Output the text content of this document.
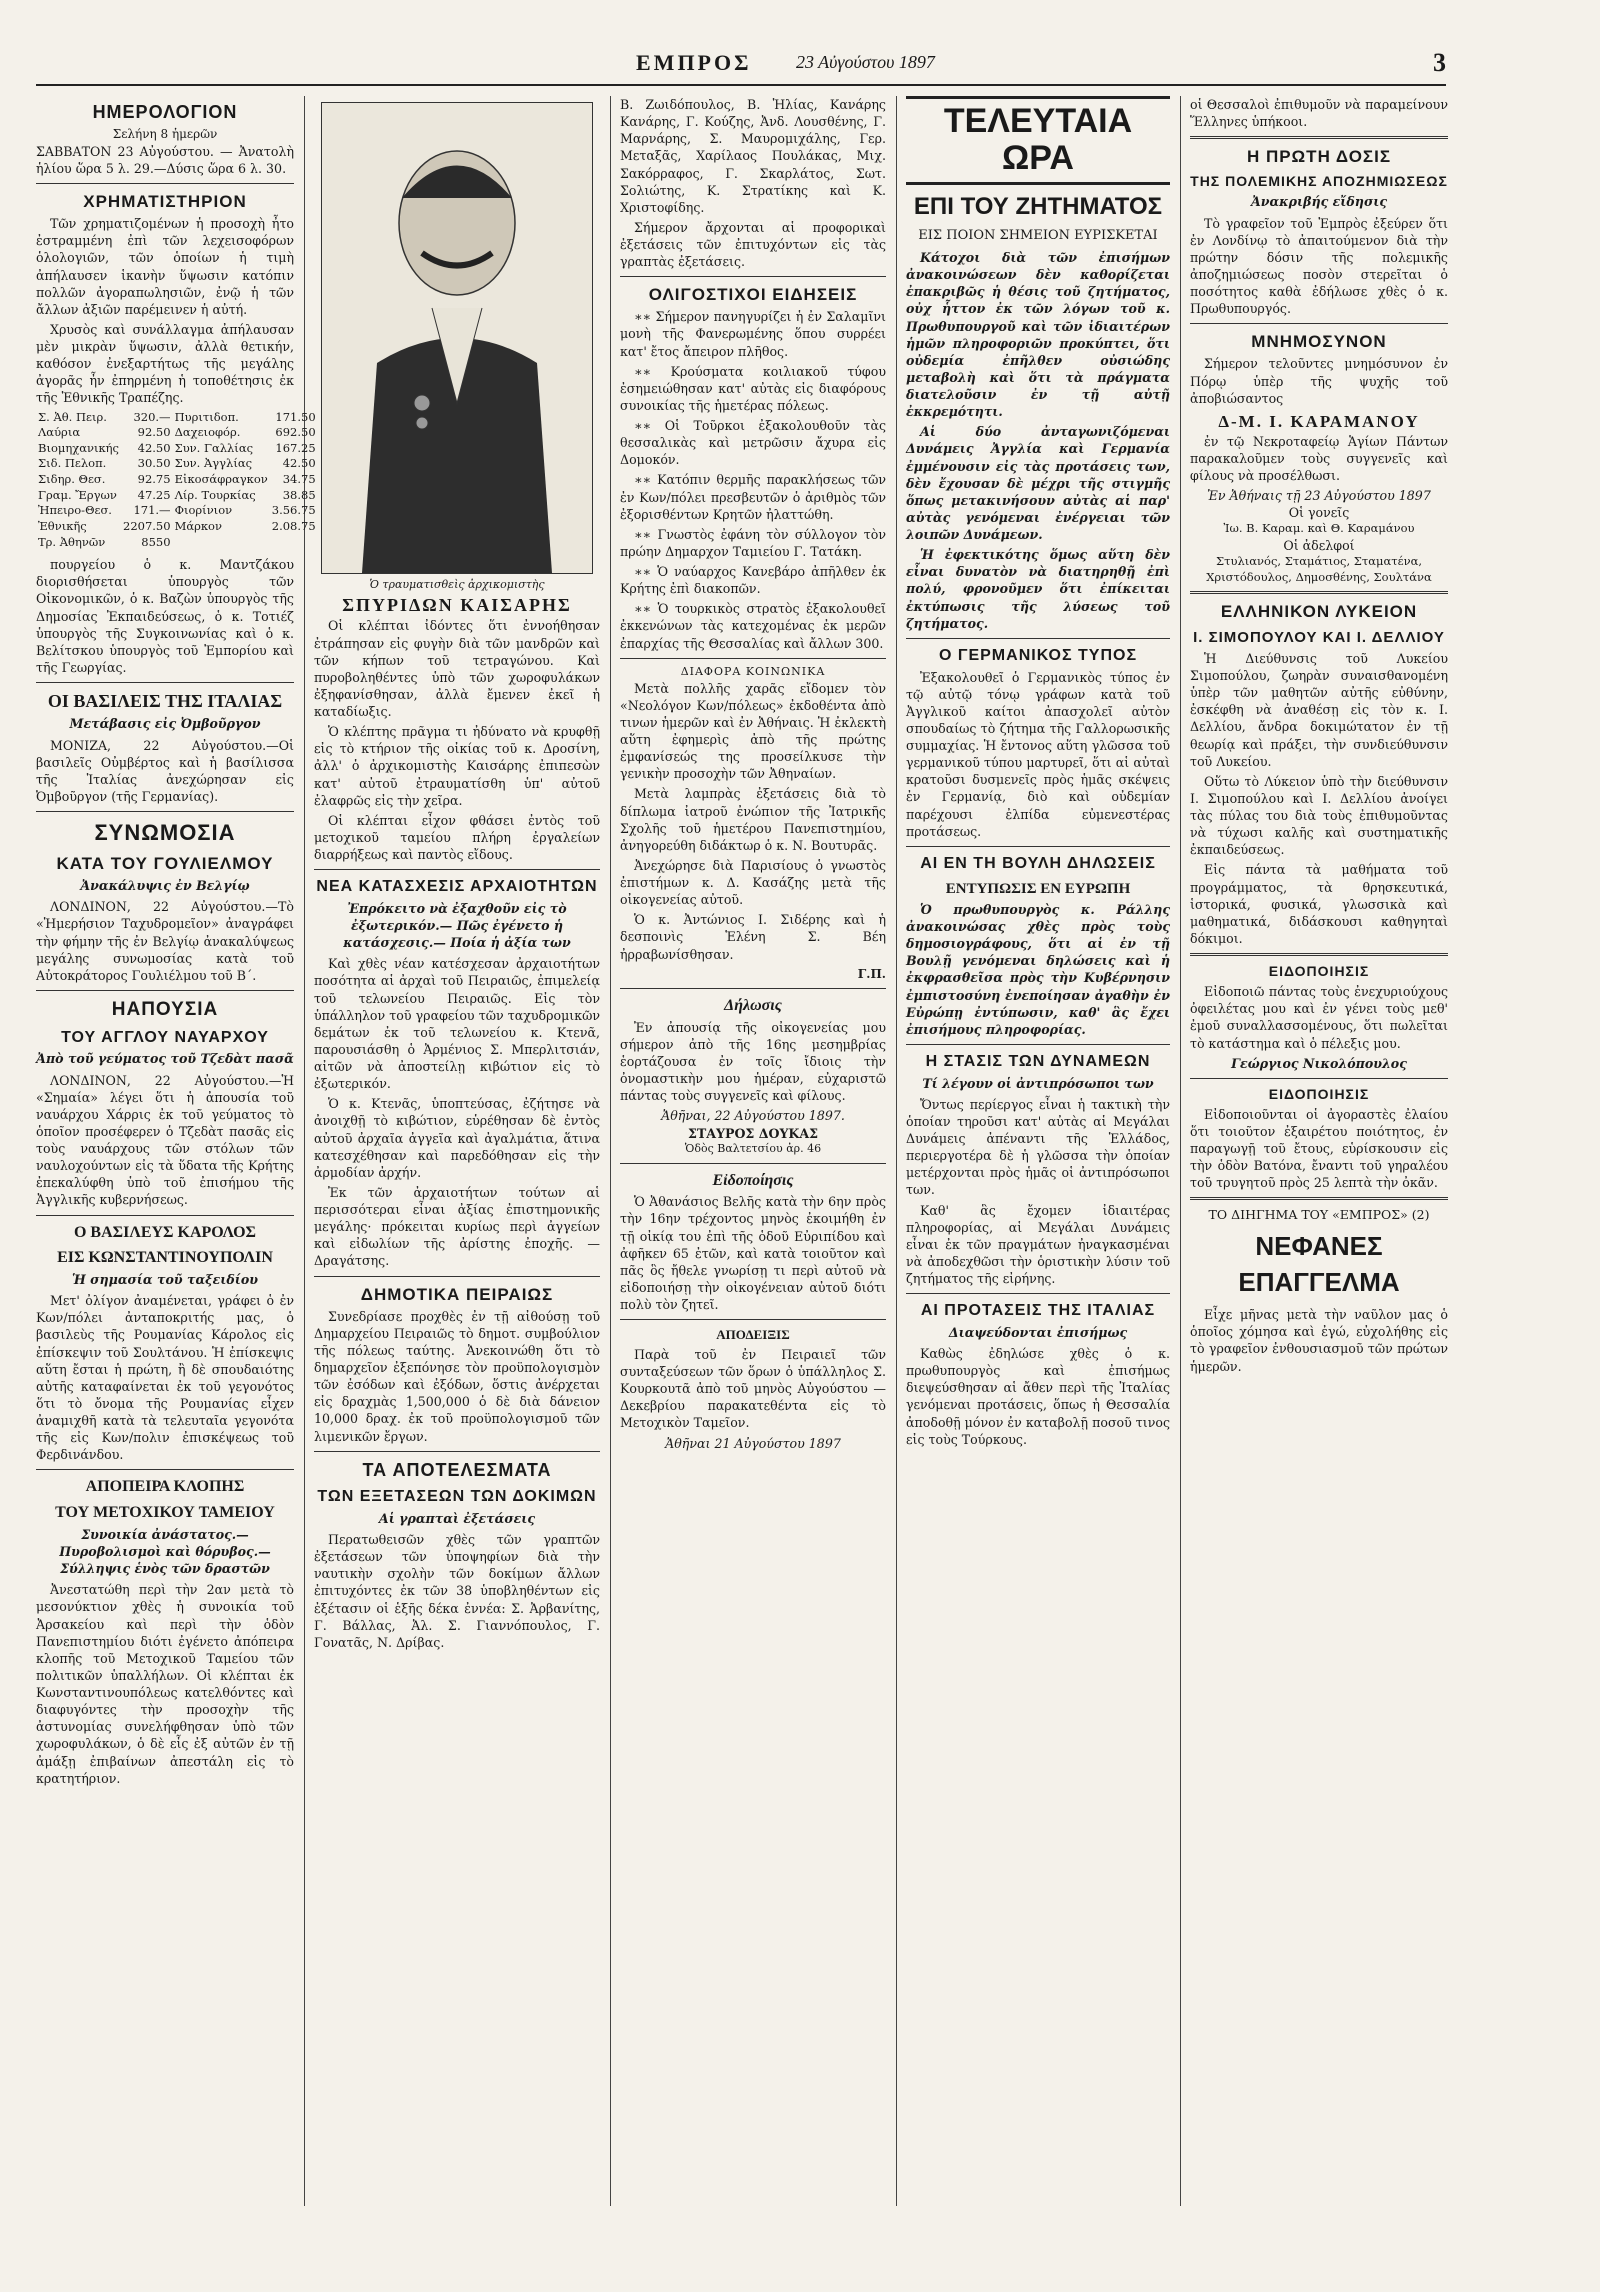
ΕΜΠΡΟΣ 23 Αὐγούστου 1897	3
ΗΜΕΡΟΛΟΓΙΟΝ
Σελήνη 8 ἡμερῶν

ΣΑΒΒΑΤΟΝ 23 Αὐγούστου. — Ἀνατολὴ ἡλίου ὥρα 5 λ. 29.—Δύσις ὥρα 6 λ. 30.

ΧΡΗΜΑΤΙΣΤΗΡΙΟΝ

Τῶν χρηματιζομένων ἡ προσοχὴ ἦτο ἐστραμμένη ἐπὶ τῶν λεχεισοφόρων ὁλολογιῶν, τῶν ὁποίων ἡ τιμὴ ἀπήλαυσεν ἱκανὴν ὕψωσιν κατόπιν πολλῶν ἀγοραπωλησιῶν, ἐνῷ ἡ τῶν ἄλλων ἀξιῶν παρέμεινεν ἡ αὐτή.

Χρυσὸς καὶ συνάλλαγμα ἀπήλαυσαν μὲν μικρὰν ὕψωσιν, ἀλλὰ θετικήν, καθόσον ἐνεξαρτήτως τῆς μεγάλης ἀγορᾶς ἦν ἐπηρμένη ἡ τοποθέτησις ἐκ τῆς Ἐθνικῆς Τραπέζης.

Σ. Ἀθ. Πειρ.	320.—	Πυριτιδοπ.	171.50
Λαύρια	92.50	Δαχειοφόρ.	692.50
Βιομηχανικής	42.50	Συν. Γαλλίας	167.25
Σιδ. Πελοπ.	30.50	Συν. Ἀγγλίας	42.50
Σιδηρ. Θεσ.	92.75	Εἰκοσάφραγκον	34.75
Γραμ. Ἔργων	47.25	Λίρ. Τουρκίας	38.85
Ἠπειρο-Θεσ.	171.—	Φιορίνιον	3.56.75
Ἐθνικῆς	2207.50	Μάρκον	2.08.75
Τρ. Ἀθηνῶν	8550		

πουργείου ὁ κ. Μαντζάκου διορισθήσεται ὑπουργὸς τῶν Οἰκονομικῶν, ὁ κ. Βαζὼν ὑπουργὸς τῆς Δημοσίας Ἐκπαιδεύσεως, ὁ κ. Τοτιέζ ὑπουργὸς τῆς Συγκοινωνίας καὶ ὁ κ. Βελίτσκου ὑπουργὸς τοῦ Ἐμπορίου καὶ τῆς Γεωργίας.

ΟΙ ΒΑΣΙΛΕΙΣ ΤΗΣ ΙΤΑΛΙΑΣ
Μετάβασις εἰς Ὀμβοῦργον

ΜΟΝΙΖΑ, 22 Αὐγούστου.—Οἱ βασιλεῖς Οὐμβέρτος καὶ ἡ βασίλισσα τῆς Ἰταλίας ἀνεχώρησαν εἰς Ὀμβοῦργον (τῆς Γερμανίας).

ΣΥΝΩΜΟΣΙΑ
ΚΑΤΑ ΤΟΥ ΓΟΥΛΙΕΛΜΟΥ
Ἀνακάλυψις ἐν Βελγίῳ

ΛΟΝΔΙΝΟΝ, 22 Αὐγούστου.—Τὸ «Ἡμερήσιον Ταχυδρομεῖον» ἀναγράφει τὴν φήμην τῆς ἐν Βελγίῳ ἀνακαλύψεως μεγάλης συνωμοσίας κατὰ τοῦ Αὐτοκράτορος Γουλιέλμου τοῦ Β΄.

ΗΑΠΟΥΣΙΑ
ΤΟΥ ΑΓΓΛΟΥ ΝΑΥΑΡΧΟΥ
Ἀπὸ τοῦ γεύματος τοῦ Τζεδὰτ πασᾶ

ΛΟΝΔΙΝΟΝ, 22 Αὐγούστου.—Ἡ «Σημαία» λέγει ὅτι ἡ ἀπουσία τοῦ ναυάρχου Χάρρις ἐκ τοῦ γεύματος τὸ ὁποῖον προσέφερεν ὁ Τζεδὰτ πασᾶς εἰς τοὺς ναυάρχους τῶν στόλων τῶν ναυλοχούντων εἰς τὰ ὕδατα τῆς Κρήτης ἐπεκαλύφθη ὑπὸ τοῦ ἐπισήμου τῆς Ἀγγλικῆς κυβερνήσεως.

Ο ΒΑΣΙΛΕΥΣ ΚΑΡΟΛΟΣ
ΕΙΣ ΚΩΝΣΤΑΝΤΙΝΟΥΠΟΛΙΝ
Ἡ σημασία τοῦ ταξειδίου

Μετ' ὀλίγον ἀναμένεται, γράφει ὁ ἐν Κων/πόλει ἀνταποκριτής μας, ὁ βασιλεὺς τῆς Ρουμανίας Κάρολος εἰς ἐπίσκεψιν τοῦ Σουλτάνου. Ἡ ἐπίσκεψις αὕτη ἔσται ἡ πρώτη, ἢ δὲ σπουδαιότης αὐτῆς καταφαίνεται ἐκ τοῦ γεγονότος ὅτι τὸ ὄνομα τῆς Ρουμανίας εἶχεν ἀναμιχθῆ κατὰ τὰ τελευταῖα γεγονότα τῆς εἰς Κων/πολιν ἐπισκέψεως τοῦ Φερδινάνδου.

ΑΠΟΠΕΙΡΑ ΚΛΟΠΗΣ
ΤΟΥ ΜΕΤΟΧΙΚΟΥ ΤΑΜΕΙΟΥ
Συνοικία ἀνάστατος.— Πυροβολισμοὶ καὶ θόρυβος.— Σύλληψις ἑνὸς τῶν δραστῶν

Ἀνεστατώθη περὶ τὴν 2αν μετὰ τὸ μεσονύκτιον χθὲς ἡ συνοικία τοῦ Ἀρσακείου καὶ περὶ τὴν ὁδὸν Πανεπιστημίου διότι ἐγένετο ἀπόπειρα κλοπῆς τοῦ Μετοχικοῦ Ταμείου τῶν πολιτικῶν ὑπαλλήλων. Οἱ κλέπται ἐκ Κωνσταντινουπόλεως κατελθόντες καὶ διαφυγόντες τὴν προσοχὴν τῆς ἀστυνομίας συνελήφθησαν ὑπὸ τῶν χωροφυλάκων, ὁ δὲ εἷς ἐξ αὐτῶν ἐν τῇ ἀμάξῃ ἐπιβαίνων ἀπεστάλη εἰς τὸ κρατητήριον.

Ὁ τραυματισθεὶς ἀρχικομιστὴς
ΣΠΥΡΙΔΩΝ ΚΑΙΣΑΡΗΣ

Οἱ κλέπται ἰδόντες ὅτι ἐννοήθησαν ἐτράπησαν εἰς φυγὴν διὰ τῶν μανδρῶν καὶ τῶν κήπων τοῦ τετραγώνου. Καὶ πυροβοληθέντες ὑπὸ τῶν χωροφυλάκων ἐξηφανίσθησαν, ἀλλὰ ἔμενεν ἐκεῖ ἡ καταδίωξις.

Ὁ κλέπτης πρᾶγμα τι ἠδύνατο νὰ κρυφθῇ εἰς τὸ κτήριον τῆς οἰκίας τοῦ κ. Δροσίνη, ἀλλ' ὁ ἀρχικομιστὴς Καισάρης ἐπιπεσὼν κατ' αὐτοῦ ἐτραυματίσθη ὑπ' αὐτοῦ ἐλαφρῶς εἰς τὴν χεῖρα.

Οἱ κλέπται εἶχον φθάσει ἐντὸς τοῦ μετοχικοῦ ταμείου πλήρη ἐργαλείων διαρρήξεως καὶ παντὸς εἴδους.

ΝΕΑ ΚΑΤΑΣΧΕΣΙΣ ΑΡΧΑΙΟΤΗΤΩΝ
Ἐπρόκειτο νὰ ἐξαχθοῦν εἰς τὸ ἐξωτερικόν.— Πῶς ἐγένετο ἡ κατάσχεσις.— Ποία ἡ ἀξία των

Καὶ χθὲς νέαν κατέσχεσαν ἀρχαιοτήτων ποσότητα αἱ ἀρχαὶ τοῦ Πειραιῶς, ἐπιμελείᾳ τοῦ τελωνείου Πειραιῶς. Εἰς τὸν ὑπάλληλον τοῦ γραφείου τῶν ταχυδρομικῶν δεμάτων ἐκ τοῦ τελωνείου κ. Κτενᾶ, παρουσιάσθη ὁ Ἀρμένιος Σ. Μπερλιτσιάν, αἰτῶν νὰ ἀποστείλῃ κιβώτιον εἰς τὸ ἐξωτερικόν.

Ὁ κ. Κτενᾶς, ὑποπτεύσας, ἐζήτησε νὰ ἀνοιχθῇ τὸ κιβώτιον, εὑρέθησαν δὲ ἐντὸς αὐτοῦ ἀρχαῖα ἀγγεῖα καὶ ἀγαλμάτια, ἅτινα κατεσχέθησαν καὶ παρεδόθησαν εἰς τὴν ἀρμοδίαν ἀρχήν.

Ἐκ τῶν ἀρχαιοτήτων τούτων αἱ περισσότεραι εἶναι ἀξίας ἐπιστημονικῆς μεγάλης· πρόκειται κυρίως περὶ ἀγγείων καὶ εἰδωλίων τῆς ἀρίστης ἐποχῆς. — Δραγάτσης.

ΔΗΜΟΤΙΚΑ ΠΕΙΡΑΙΩΣ

Συνεδρίασε προχθὲς ἐν τῇ αἰθούσῃ τοῦ Δημαρχείου Πειραιῶς τὸ δημοτ. συμβούλιον τῆς πόλεως ταύτης. Ἀνεκοινώθη ὅτι τὸ δημαρχεῖον ἐξεπόνησε τὸν προϋπολογισμὸν τῶν ἐσόδων καὶ ἐξόδων, ὅστις ἀνέρχεται εἰς δραχμὰς 1,500,000 ὁ δὲ διὰ δάνειον 10,000 δραχ. ἐκ τοῦ προϋπολογισμοῦ τῶν λιμενικῶν ἔργων.

ΤΑ ΑΠΟΤΕΛΕΣΜΑΤΑ
ΤΩΝ ΕΞΕΤΑΣΕΩΝ ΤΩΝ ΔΟΚΙΜΩΝ
Αἱ γραπταὶ ἐξετάσεις

Περατωθεισῶν χθὲς τῶν γραπτῶν ἐξετάσεων τῶν ὑποψηφίων διὰ τὴν ναυτικὴν σχολὴν τῶν δοκίμων ἄλλων ἐπιτυχόντες ἐκ τῶν 38 ὑποβληθέντων εἰς ἐξέτασιν οἱ ἑξῆς δέκα ἐννέα: Σ. Ἀρβανίτης, Γ. Βάλλας, Ἀλ. Σ. Γιαννόπουλος, Γ. Γονατᾶς, Ν. Δρίβας.

Β. Ζωιδόπουλος, Β. Ἠλίας, Κανάρης Κανάρης, Γ. Κούζης, Ἀνδ. Λουσθένης, Γ. Μαρνάρης, Σ. Μαυρομιχάλης, Γερ. Μεταξᾶς, Χαρίλαος Πουλάκας, Μιχ. Σακόρραφος, Γ. Σκαρλάτος, Σωτ. Σολιώτης, Κ. Στρατίκης καὶ Κ. Χριστοφίδης.

Σήμερον ἄρχονται αἱ προφορικαὶ ἐξετάσεις τῶν ἐπιτυχόντων εἰς τὰς γραπτὰς ἐξετάσεις.

ΟΛΙΓΟΣΤΙΧΟΙ ΕΙΔΗΣΕΙΣ

∗∗ Σήμερον πανηγυρίζει ἡ ἐν Σαλαμῖνι μονὴ τῆς Φανερωμένης ὅπου συρρέει κατ' ἔτος ἄπειρον πλῆθος.

∗∗ Κρούσματα κοιλιακοῦ τύφου ἐσημειώθησαν κατ' αὐτὰς εἰς διαφόρους συνοικίας τῆς ἡμετέρας πόλεως.

∗∗ Οἱ Τοῦρκοι ἐξακολουθοῦν τὰς θεσσαλικὰς καὶ μετρῶσιν ἄχυρα εἰς Δομοκόν.

∗∗ Κατόπιν θερμῆς παρακλήσεως τῶν ἐν Κων/πόλει πρεσβευτῶν ὁ ἀριθμὸς τῶν ἐξορισθέντων Κρητῶν ἠλαττώθη.

∗∗ Γνωστὸς ἐφάνη τὸν σύλλογον τὸν πρώην Δημαρχον Ταμιείου Γ. Τατάκη.

∗∗ Ὁ ναύαρχος Κανεβάρο ἀπῆλθεν ἐκ Κρήτης ἐπὶ διακοπῶν.

∗∗ Ὁ τουρκικὸς στρατὸς ἐξακολουθεῖ ἐκκενώνων τὰς κατεχομένας ἐκ μερῶν ἐπαρχίας τῆς Θεσσαλίας καὶ ἄλλων 300.

ΔΙΑΦΟΡΑ ΚΟΙΝΩΝΙΚΑ

Μετὰ πολλῆς χαρᾶς εἴδομεν τὸν «Νεολόγον Κων/πόλεως» ἐκδοθέντα ἀπὸ τινων ἡμερῶν καὶ ἐν Ἀθήναις. Ἡ ἐκλεκτὴ αὕτη ἐφημερὶς ἀπὸ τῆς πρώτης ἐμφανίσεώς της προσείλκυσε τὴν γενικὴν προσοχὴν τῶν Ἀθηναίων.

Μετὰ λαμπρὰς ἐξετάσεις διὰ τὸ δίπλωμα ἰατροῦ ἐνώπιον τῆς Ἰατρικῆς Σχολῆς τοῦ ἡμετέρου Πανεπιστημίου, ἀνηγορεύθη διδάκτωρ ὁ κ. Ν. Βουτυρᾶς.

Ἀνεχώρησε διὰ Παρισίους ὁ γνωστὸς ἐπιστήμων κ. Δ. Κασάζης μετὰ τῆς οἰκογενείας αὐτοῦ.

Ὁ κ. Ἀντώνιος Ι. Σιδέρης καὶ ἡ δεσποινὶς Ἑλένη Σ. Βέη ἠρραβωνίσθησαν.

Γ.Π.
Δήλωσις

Ἐν ἀπουσίᾳ τῆς οἰκογενείας μου σήμερον ἀπὸ τῆς 16ης μεσημβρίας ἑορτάζουσα ἐν τοῖς ἴδιοις τὴν ὀνομαστικὴν μου ἡμέραν, εὐχαριστῶ πάντας τοὺς συγγενεῖς καὶ φίλους.

Ἀθῆναι, 22 Αὐγούστου 1897.
ΣΤΑΥΡΟΣ ΔΟΥΚΑΣ
Ὁδὸς Βαλτετσίου ἀρ. 46
Εἰδοποίησις

Ὁ Ἀθανάσιος Βελῆς κατὰ τὴν 6ην πρὸς τὴν 16ην τρέχοντος μηνὸς ἐκοιμήθη ἐν τῇ οἰκίᾳ του ἐπὶ τῆς ὁδοῦ Εὐριπίδου καὶ ἀφῆκεν 65 ἐτῶν, καὶ κατὰ τοιοῦτον καὶ πᾶς ὃς ἤθελε γνωρίσῃ τι περὶ αὐτοῦ νὰ εἰδοποιήσῃ τὴν οἰκογένειαν αὐτοῦ διότι πολὺ τὸν ζητεῖ.

ΑΠΟΔΕΙΞΙΣ

Παρὰ τοῦ ἐν Πειραιεῖ τῶν συνταξεύσεων τῶν ὅρων ὁ ὑπάλληλος Σ. Κουρκουτᾶ ἀπὸ τοῦ μηνὸς Αὐγούστου — Δεκεβρίου παρακατεθέντα εἰς τὸ Μετοχικὸν Ταμεῖον.

Ἀθῆναι 21 Αὐγούστου 1897
ΤΕΛΕΥΤΑΙΑ ΩΡΑ
ΕΠΙ ΤΟΥ ΖΗΤΗΜΑΤΟΣ
ΕΙΣ ΠΟΙΟΝ ΣΗΜΕΙΟΝ ΕΥΡΙΣΚΕΤΑΙ

Κάτοχοι διὰ τῶν ἐπισήμων ἀνακοινώσεων δὲν καθορίζεται ἐπακριβῶς ἡ θέσις τοῦ ζητήματος, οὐχ ἧττον ἐκ τῶν λόγων τοῦ κ. Πρωθυπουργοῦ καὶ τῶν ἰδιαιτέρων ἡμῶν πληροφοριῶν προκύπτει, ὅτι οὐδεμία ἐπῆλθεν οὐσιώδης μεταβολὴ καὶ ὅτι τὰ πράγματα διατελοῦσιν ἐν τῇ αὐτῇ ἐκκρεμότητι.

Αἱ δύο ἀνταγωνιζόμεναι Δυνάμεις Ἀγγλία καὶ Γερμανία ἐμμένουσιν εἰς τὰς προτάσεις των, δὲν ἔχουσαν δὲ μέχρι τῆς στιγμῆς ὅπως μετακινήσουν αὐτὰς αἱ παρ' αὐτὰς γενόμεναι ἐνέργειαι τῶν λοιπῶν Δυνάμεων.

Ἡ ἐφεκτικότης ὅμως αὕτη δὲν εἶναι δυνατὸν νὰ διατηρηθῇ ἐπὶ πολύ, φρονοῦμεν ὅτι ἐπίκειται ἐκτύπωσις τῆς λύσεως τοῦ ζητήματος.

Ο ΓΕΡΜΑΝΙΚΟΣ ΤΥΠΟΣ

Ἐξακολουθεῖ ὁ Γερμανικὸς τύπος ἐν τῷ αὐτῷ τόνῳ γράφων κατὰ τοῦ Ἀγγλικοῦ καίτοι ἀπασχολεῖ αὐτὸν σπουδαίως τὸ ζήτημα τῆς Γαλλορωσικῆς συμμαχίας. Ἡ ἔντονος αὕτη γλῶσσα τοῦ γερμανικοῦ τύπου μαρτυρεῖ, ὅτι αἱ αὐταὶ κρατοῦσι δυσμενεῖς πρὸς ἡμᾶς σκέψεις ἐν Γερμανίᾳ, διὸ καὶ οὐδεμίαν παρέχουσι ἐλπίδα εὐμενεστέρας προτάσεως.

ΑΙ ΕΝ ΤΗ ΒΟΥΛΗ ΔΗΛΩΣΕΙΣ
ΕΝΤΥΠΩΣΙΣ ΕΝ ΕΥΡΩΠΗ

Ὁ πρωθυπουργὸς κ. Ράλλης ἀνακοινώσας χθὲς πρὸς τοὺς δημοσιογράφους, ὅτι αἱ ἐν τῇ Βουλῇ γενόμεναι δηλώσεις καὶ ἡ ἐκφρασθεῖσα πρὸς τὴν Κυβέρνησιν ἐμπιστοσύνη ἐνεποίησαν ἀγαθὴν ἐν Εὐρώπῃ ἐντύπωσιν, καθ' ἃς ἔχει ἐπισήμους πληροφορίας.

Η ΣΤΑΣΙΣ ΤΩΝ ΔΥΝΑΜΕΩΝ
Τί λέγουν οἱ ἀντιπρόσωποι των

Ὄντως περίεργος εἶναι ἡ τακτικὴ τὴν ὁποίαν τηροῦσι κατ' αὐτὰς αἱ Μεγάλαι Δυνάμεις ἀπέναντι τῆς Ἑλλάδος, περιεργοτέρα δὲ ἡ γλῶσσα τὴν ὁποίαν μετέρχονται πρὸς ἡμᾶς οἱ ἀντιπρόσωποι των.

Καθ' ἃς ἔχομεν ἰδιαιτέρας πληροφορίας, αἱ Μεγάλαι Δυνάμεις εἶναι ἐκ τῶν πραγμάτων ἠναγκασμέναι νὰ ἀποδεχθῶσι τὴν ὁριστικὴν λύσιν τοῦ ζητήματος τῆς εἰρήνης.

ΑΙ ΠΡΟΤΑΣΕΙΣ ΤΗΣ ΙΤΑΛΙΑΣ
Διαψεύδονται ἐπισήμως

Καθὼς ἐδηλώσε χθὲς ὁ κ. πρωθυπουργὸς καὶ ἐπισήμως διεψεύσθησαν αἱ ἄθεν περὶ τῆς Ἰταλίας γενόμεναι προτάσεις, ὅπως ἡ Θεσσαλία ἀποδοθῇ μόνον ἐν καταβολῇ ποσοῦ τινος εἰς τοὺς Τούρκους.

οἱ Θεσσαλοὶ ἐπιθυμοῦν νὰ παραμείνουν Ἕλληνες ὑπήκοοι.

Η ΠΡΩΤΗ ΔΟΣΙΣ
ΤΗΣ ΠΟΛΕΜΙΚΗΣ ΑΠΟΖΗΜΙΩΣΕΩΣ
Ἀνακριβής εἴδησις

Τὸ γραφεῖον τοῦ Ἐμπρὸς ἐξεύρεν ὅτι ἐν Λονδίνῳ τὸ ἀπαιτούμενον διὰ τὴν πρώτην δόσιν τῆς πολεμικῆς ἀποζημιώσεως ποσὸν στερεῖται ὁ ποσότητος καθὰ ἐδήλωσε χθὲς ὁ κ. Πρωθυπουργός.

ΜΝΗΜΟΣΥΝΟΝ

Σήμερον τελοῦντες μνημόσυνον ἐν Πόρῳ ὑπὲρ τῆς ψυχῆς τοῦ ἀποβιώσαντος

Δ-Μ. Ι. ΚΑΡΑΜΑΝΟΥ

ἐν τῷ Νεκροταφείῳ Ἁγίων Πάντων παρακαλοῦμεν τοὺς συγγενεῖς καὶ φίλους νὰ προσέλθωσι.

Ἐν Ἀθήναις τῇ 23 Αὐγούστου 1897
Οἱ γονεῖς
Ἰω. Β. Καραμ. καὶ Θ. Καραμάνου
Οἱ ἀδελφοί
Στυλιανός, Σταμάτιος, Σταματένα, Χριστόδουλος, Δημοσθένης, Σουλτάνα
ΕΛΛΗΝΙΚΟΝ ΛΥΚΕΙΟΝ
Ι. ΣΙΜΟΠΟΥΛΟΥ ΚΑΙ Ι. ΔΕΛΛΙΟΥ

Ἡ Διεύθυνσις τοῦ Λυκείου Σιμοπούλου, ζωηρὰν συναισθανομένη ὑπὲρ τῶν μαθητῶν αὐτῆς εὐθύνην, ἐσκέφθη νὰ ἀναθέσῃ εἰς τὸν κ. Ι. Δελλίου, ἄνδρα δοκιμώτατον ἐν τῇ θεωρίᾳ καὶ πράξει, τὴν συνδιεύθυνσιν τοῦ Λυκείου.

Οὕτω τὸ Λύκειον ὑπὸ τὴν διεύθυνσιν Ι. Σιμοπούλου καὶ Ι. Δελλίου ἀνοίγει τὰς πύλας του διὰ τοὺς ἐπιθυμοῦντας νὰ τύχωσι καλῆς καὶ συστηματικῆς ἐκπαιδεύσεως.

Εἰς πάντα τὰ μαθήματα τοῦ προγράμματος, τὰ θρησκευτικά, ἱστορικά, φυσικά, γλωσσικὰ καὶ μαθηματικά, διδάσκουσι καθηγηταὶ δόκιμοι.

ΕΙΔΟΠΟΙΗΣΙΣ

Εἰδοποιῶ πάντας τοὺς ἐνεχυριούχους ὀφειλέτας μου καὶ ἐν γένει τοὺς μεθ' ἐμοῦ συναλλασσομένους, ὅτι πωλεῖται τὸ κατάστημα καὶ ὁ πέλεξις μου.

Γεώργιος Νικολόπουλος
ΕΙΔΟΠΟΙΗΣΙΣ

Εἰδοποιοῦνται οἱ ἀγοραστὲς ἐλαίου ὅτι τοιοῦτον ἐξαιρέτου ποιότητος, ἐν παραγωγῇ τοῦ ἔτους, εὑρίσκουσιν εἰς τὴν ὁδὸν Βατόνα, ἔναντι τοῦ γηραλέου τοῦ τρυγητοῦ πρὸς 25 λεπτὰ τὴν ὀκᾶν.

ΤΟ ΔΙΗΓΗΜΑ ΤΟΥ «ΕΜΠΡΟΣ» (2)
ΝΕΦΑΝΕΣ ΕΠΑΓΓΕΛΜΑ

Εἶχε μῆνας μετὰ τὴν ναῦλον μας ὁ ὁποῖος χόμησα καὶ ἐγώ, εὐχολήθης εἰς τὸ γραφεῖον ἐνθουσιασμοῦ τῶν πρώτων ἡμερῶν.
